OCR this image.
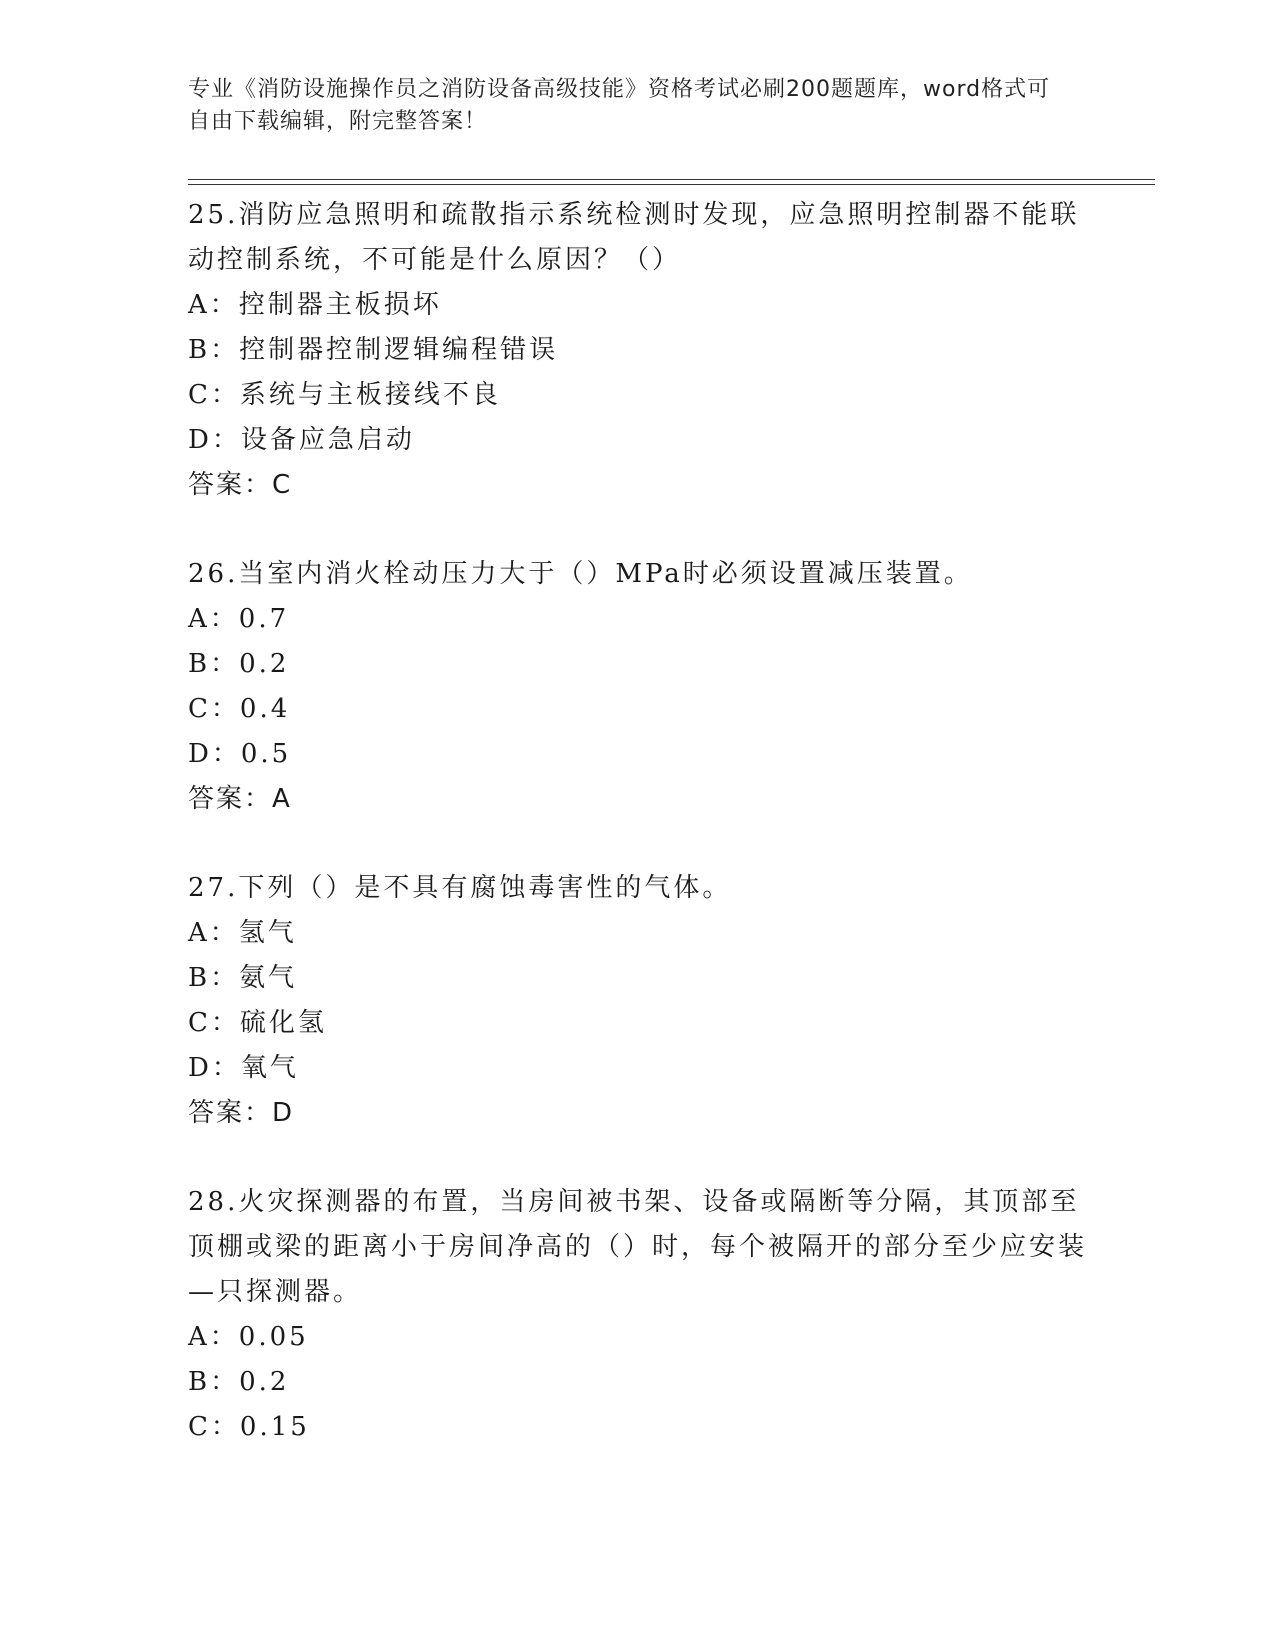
专业《消防设施操作员之消防设备高级技能》资格考试必刷200题题库，word格式可自由下载编辑，附完整答案！

25.消防应急照明和疏散指示系统检测时发现，应急照明控制器不能联动控制系统，不可能是什么原因？（）

A：控制器主板损坏

B：控制器控制逻辑编程错误

C：系统与主板接线不良

D：设备应急启动

答案：C

26.当室内消火栓动压力大于（）MPa时必须设置减压装置。

A：0.7

B：0.2

C：0.4

D：0.5

答案：A

27.下列（）是不具有腐蚀毒害性的气体。

A：氢气

B：氨气

C：硫化氢

D：氧气

答案：D

28.火灾探测器的布置，当房间被书架、设备或隔断等分隔，其顶部至顶棚或梁的距离小于房间净高的（）时，每个被隔开的部分至少应安装—只探测器。

A：0.05

B：0.2

C：0.15
